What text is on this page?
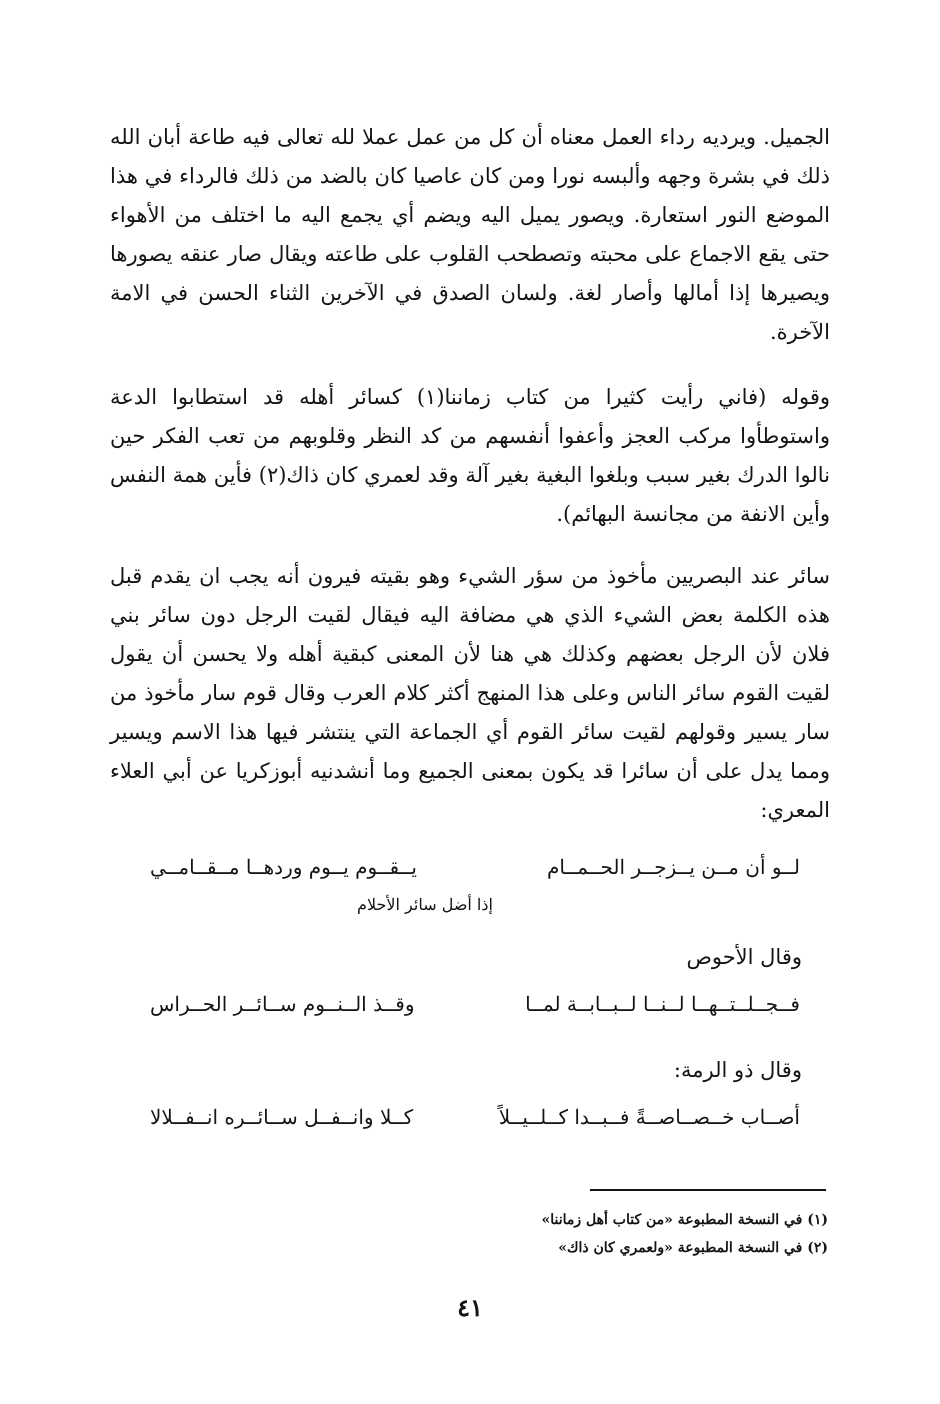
الجميل. ويرديه رداء العمل معناه أن كل من عمل عملا لله تعالى فيه طاعة أبان الله ذلك في بشرة وجهه وألبسه نورا ومن كان عاصيا كان بالضد من ذلك فالرداء في هذا الموضع النور استعارة. ويصور يميل اليه ويضم أي يجمع اليه ما اختلف من الأهواء حتى يقع الاجماع على محبته وتصطحب القلوب على طاعته ويقال صار عنقه يصورها ويصيرها إذا أمالها وأصار لغة. ولسان الصدق في الآخرين الثناء الحسن في الامة الآخرة.

وقوله (فاني رأيت كثيرا من كتاب زماننا(١) كسائر أهله قد استطابوا الدعة واستوطأوا مركب العجز وأعفوا أنفسهم من كد النظر وقلوبهم من تعب الفكر حين نالوا الدرك بغير سبب وبلغوا البغية بغير آلة وقد لعمري كان ذاك(٢) فأين همة النفس وأين الانفة من مجانسة البهائم).

سائر عند البصريين مأخوذ من سؤر الشيء وهو بقيته فيرون أنه يجب ان يقدم قبل هذه الكلمة بعض الشيء الذي هي مضافة اليه فيقال لقيت الرجل دون سائر بني فلان لأن الرجل بعضهم وكذلك هي هنا لأن المعنى كبقية أهله ولا يحسن أن يقول لقيت القوم سائر الناس وعلى هذا المنهج أكثر كلام العرب وقال قوم سار مأخوذ من سار يسير وقولهم لقيت سائر القوم أي الجماعة التي ينتشر فيها هذا الاسم ويسير ومما يدل على أن سائرا قد يكون بمعنى الجميع وما أنشدنيه أبوزكريا عن أبي العلاء المعري:

لــو أن مــن يــزجــر الحــمــام
يــقــوم يــوم وردهــا مــقــامــي
إذا أضل سائر الأحلام
وقال الأحوص
فــجــلــتــهــا لــنــا لــبــابــة لمــا
وقــذ الــنــوم ســائــر الحــراس
وقال ذو الرمة:
أصــاب خــصــاصــةً فــبــدا كــلــيــلاً
كــلا وانــفــل ســائــره انــفــلالا
(١) في النسخة المطبوعة «من كتاب أهل زماننا»
(٢) في النسخة المطبوعة «ولعمري كان ذاك»
٤١
